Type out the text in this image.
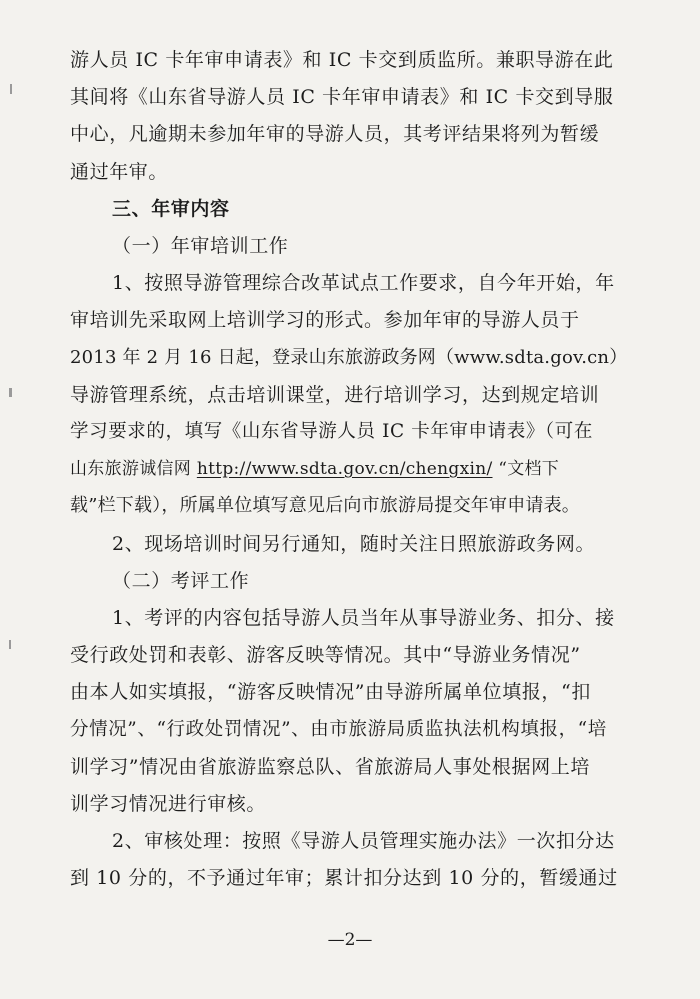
游人员 IC 卡年审申请表》和 IC 卡交到质监所。兼职导游在此
其间将《山东省导游人员 IC 卡年审申请表》和 IC 卡交到导服
中心，凡逾期未参加年审的导游人员，其考评结果将列为暂缓
通过年审。
三、年审内容
（一）年审培训工作
1、按照导游管理综合改革试点工作要求，自今年开始，年
审培训先采取网上培训学习的形式。参加年审的导游人员于
2013 年 2 月 16 日起，登录山东旅游政务网（www.sdta.gov.cn）
导游管理系统，点击培训课堂，进行培训学习，达到规定培训
学习要求的，填写《山东省导游人员 IC 卡年审申请表》（可在
山东旅游诚信网 http://www.sdta.gov.cn/chengxin/ “文档下
载”栏下载），所属单位填写意见后向市旅游局提交年审申请表。
2、现场培训时间另行通知，随时关注日照旅游政务网。
（二）考评工作
1、考评的内容包括导游人员当年从事导游业务、扣分、接
受行政处罚和表彰、游客反映等情况。其中“导游业务情况”
由本人如实填报，“游客反映情况”由导游所属单位填报，“扣
分情况”、“行政处罚情况”、由市旅游局质监执法机构填报，“培
训学习”情况由省旅游监察总队、省旅游局人事处根据网上培
训学习情况进行审核。
—2—
2、审核处理：按照《导游人员管理实施办法》一次扣分达
到 10 分的，不予通过年审；累计扣分达到 10 分的，暂缓通过
